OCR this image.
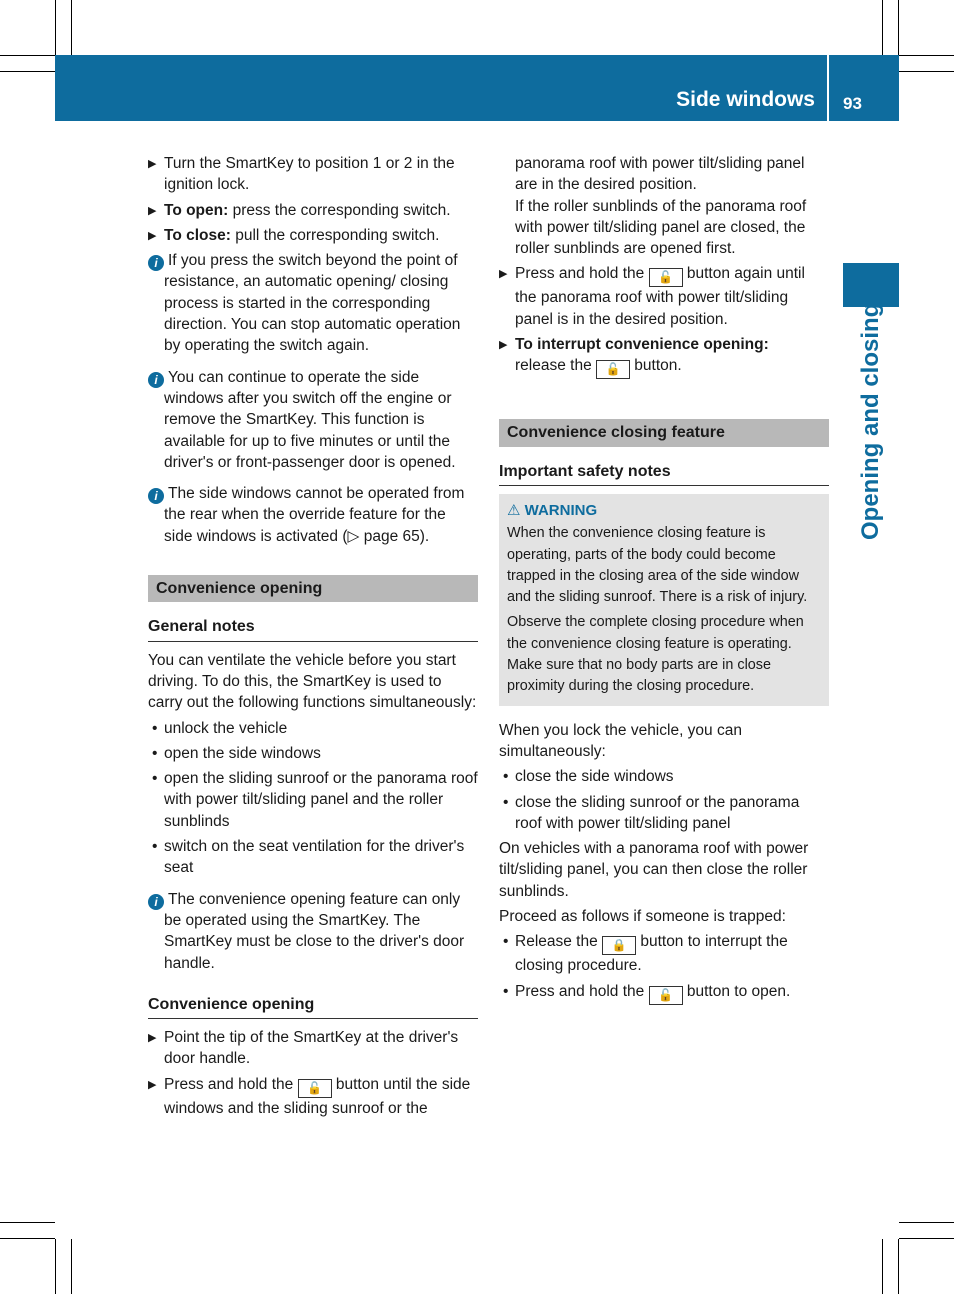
Side windows 93
Opening and closing
▶ Turn the SmartKey to position 1 or 2 in the ignition lock.
▶ To open: press the corresponding switch.
▶ To close: pull the corresponding switch.
i If you press the switch beyond the point of resistance, an automatic opening/ closing process is started in the corresponding direction. You can stop automatic operation by operating the switch again.
i You can continue to operate the side windows after you switch off the engine or remove the SmartKey. This function is available for up to five minutes or until the driver's or front-passenger door is opened.
i The side windows cannot be operated from the rear when the override feature for the side windows is activated (▷ page 65).
Convenience opening
General notes

You can ventilate the vehicle before you start driving. To do this, the SmartKey is used to carry out the following functions simultaneously:

• unlock the vehicle
• open the side windows
• open the sliding sunroof or the panorama roof with power tilt/sliding panel and the roller sunblinds
• switch on the seat ventilation for the driver's seat
i The convenience opening feature can only be operated using the SmartKey. The SmartKey must be close to the driver's door handle.
Convenience opening
▶ Point the tip of the SmartKey at the driver's door handle.
▶ Press and hold the 🔓 button until the side windows and the sliding sunroof or the

panorama roof with power tilt/sliding panel are in the desired position.

If the roller sunblinds of the panorama roof with power tilt/sliding panel are closed, the roller sunblinds are opened first.

▶ Press and hold the 🔓 button again until the panorama roof with power tilt/sliding panel is in the desired position.
▶ To interrupt convenience opening:
release the 🔓 button.
Convenience closing feature
Important safety notes
⚠ WARNING

When the convenience closing feature is operating, parts of the body could become trapped in the closing area of the side window and the sliding sunroof. There is a risk of injury.

Observe the complete closing procedure when the convenience closing feature is operating. Make sure that no body parts are in close proximity during the closing procedure.

When you lock the vehicle, you can simultaneously:

• close the side windows
• close the sliding sunroof or the panorama roof with power tilt/sliding panel

On vehicles with a panorama roof with power tilt/sliding panel, you can then close the roller sunblinds.

Proceed as follows if someone is trapped:

• Release the 🔒 button to interrupt the closing procedure.
• Press and hold the 🔓 button to open.
